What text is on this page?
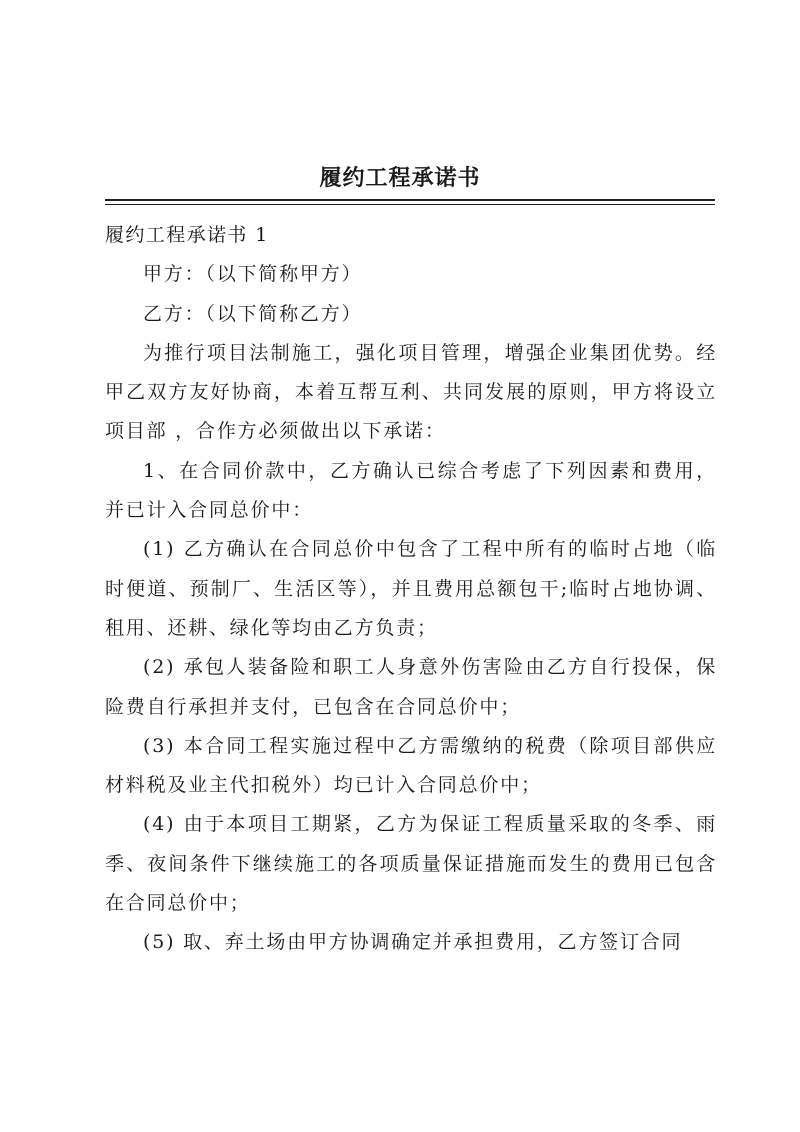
履约工程承诺书

履约工程承诺书 1

甲方：（以下简称甲方）

乙方：（以下简称乙方）

为推行项目法制施工，强化项目管理，增强企业集团优势。经甲乙双方友好协商，本着互帮互利、共同发展的原则，甲方将设立 项目部 ，合作方必须做出以下承诺：

1、在合同价款中，乙方确认已综合考虑了下列因素和费用，并已计入合同总价中：

(1) 乙方确认在合同总价中包含了工程中所有的临时占地（临时便道、预制厂、生活区等），并且费用总额包干;临时占地协调、租用、还耕、绿化等均由乙方负责；

(2) 承包人装备险和职工人身意外伤害险由乙方自行投保，保险费自行承担并支付，已包含在合同总价中；

(3) 本合同工程实施过程中乙方需缴纳的税费（除项目部供应材料税及业主代扣税外）均已计入合同总价中；

(4) 由于本项目工期紧，乙方为保证工程质量采取的冬季、雨季、夜间条件下继续施工的各项质量保证措施而发生的费用已包含在合同总价中；

(5) 取、弃土场由甲方协调确定并承担费用，乙方签订合同
